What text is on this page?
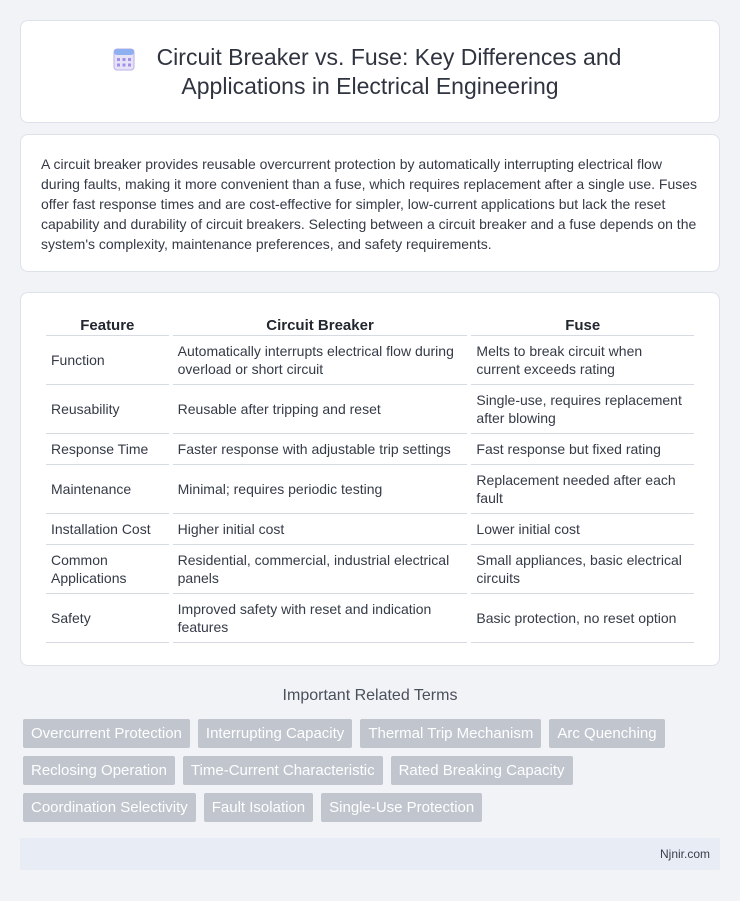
Circuit Breaker vs. Fuse: Key Differences and
Applications in Electrical Engineering

A circuit breaker provides reusable overcurrent protection by automatically interrupting electrical flow during faults, making it more convenient than a fuse, which requires replacement after a single use. Fuses offer fast response times and are cost-effective for simpler, low-current applications but lack the reset capability and durability of circuit breakers. Selecting between a circuit breaker and a fuse depends on the system's complexity, maintenance preferences, and safety requirements.

Feature	Circuit Breaker	Fuse
Function	Automatically interrupts electrical flow during overload or short circuit	Melts to break circuit when current exceeds rating
Reusability	Reusable after tripping and reset	Single-use, requires replacement after blowing
Response Time	Faster response with adjustable trip settings	Fast response but fixed rating
Maintenance	Minimal; requires periodic testing	Replacement needed after each fault
Installation Cost	Higher initial cost	Lower initial cost
Common Applications	Residential, commercial, industrial electrical panels	Small appliances, basic electrical circuits
Safety	Improved safety with reset and indication features	Basic protection, no reset option
Important Related Terms
Overcurrent Protection	Interrupting Capacity	Thermal Trip Mechanism	Arc Quenching
Reclosing Operation	Time-Current Characteristic	Rated Breaking Capacity
Coordination Selectivity	Fault Isolation	Single-Use Protection
Njnir.com
